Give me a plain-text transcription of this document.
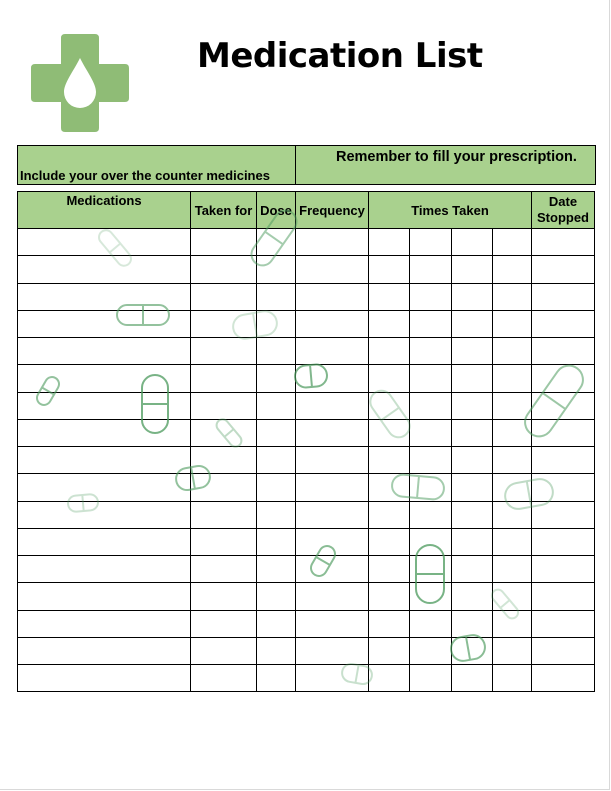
Medication List
Include your over the counter medicines
Remember to fill your prescription.
Medications	Taken for	Dose	Frequency	Times Taken				Date Stopped
